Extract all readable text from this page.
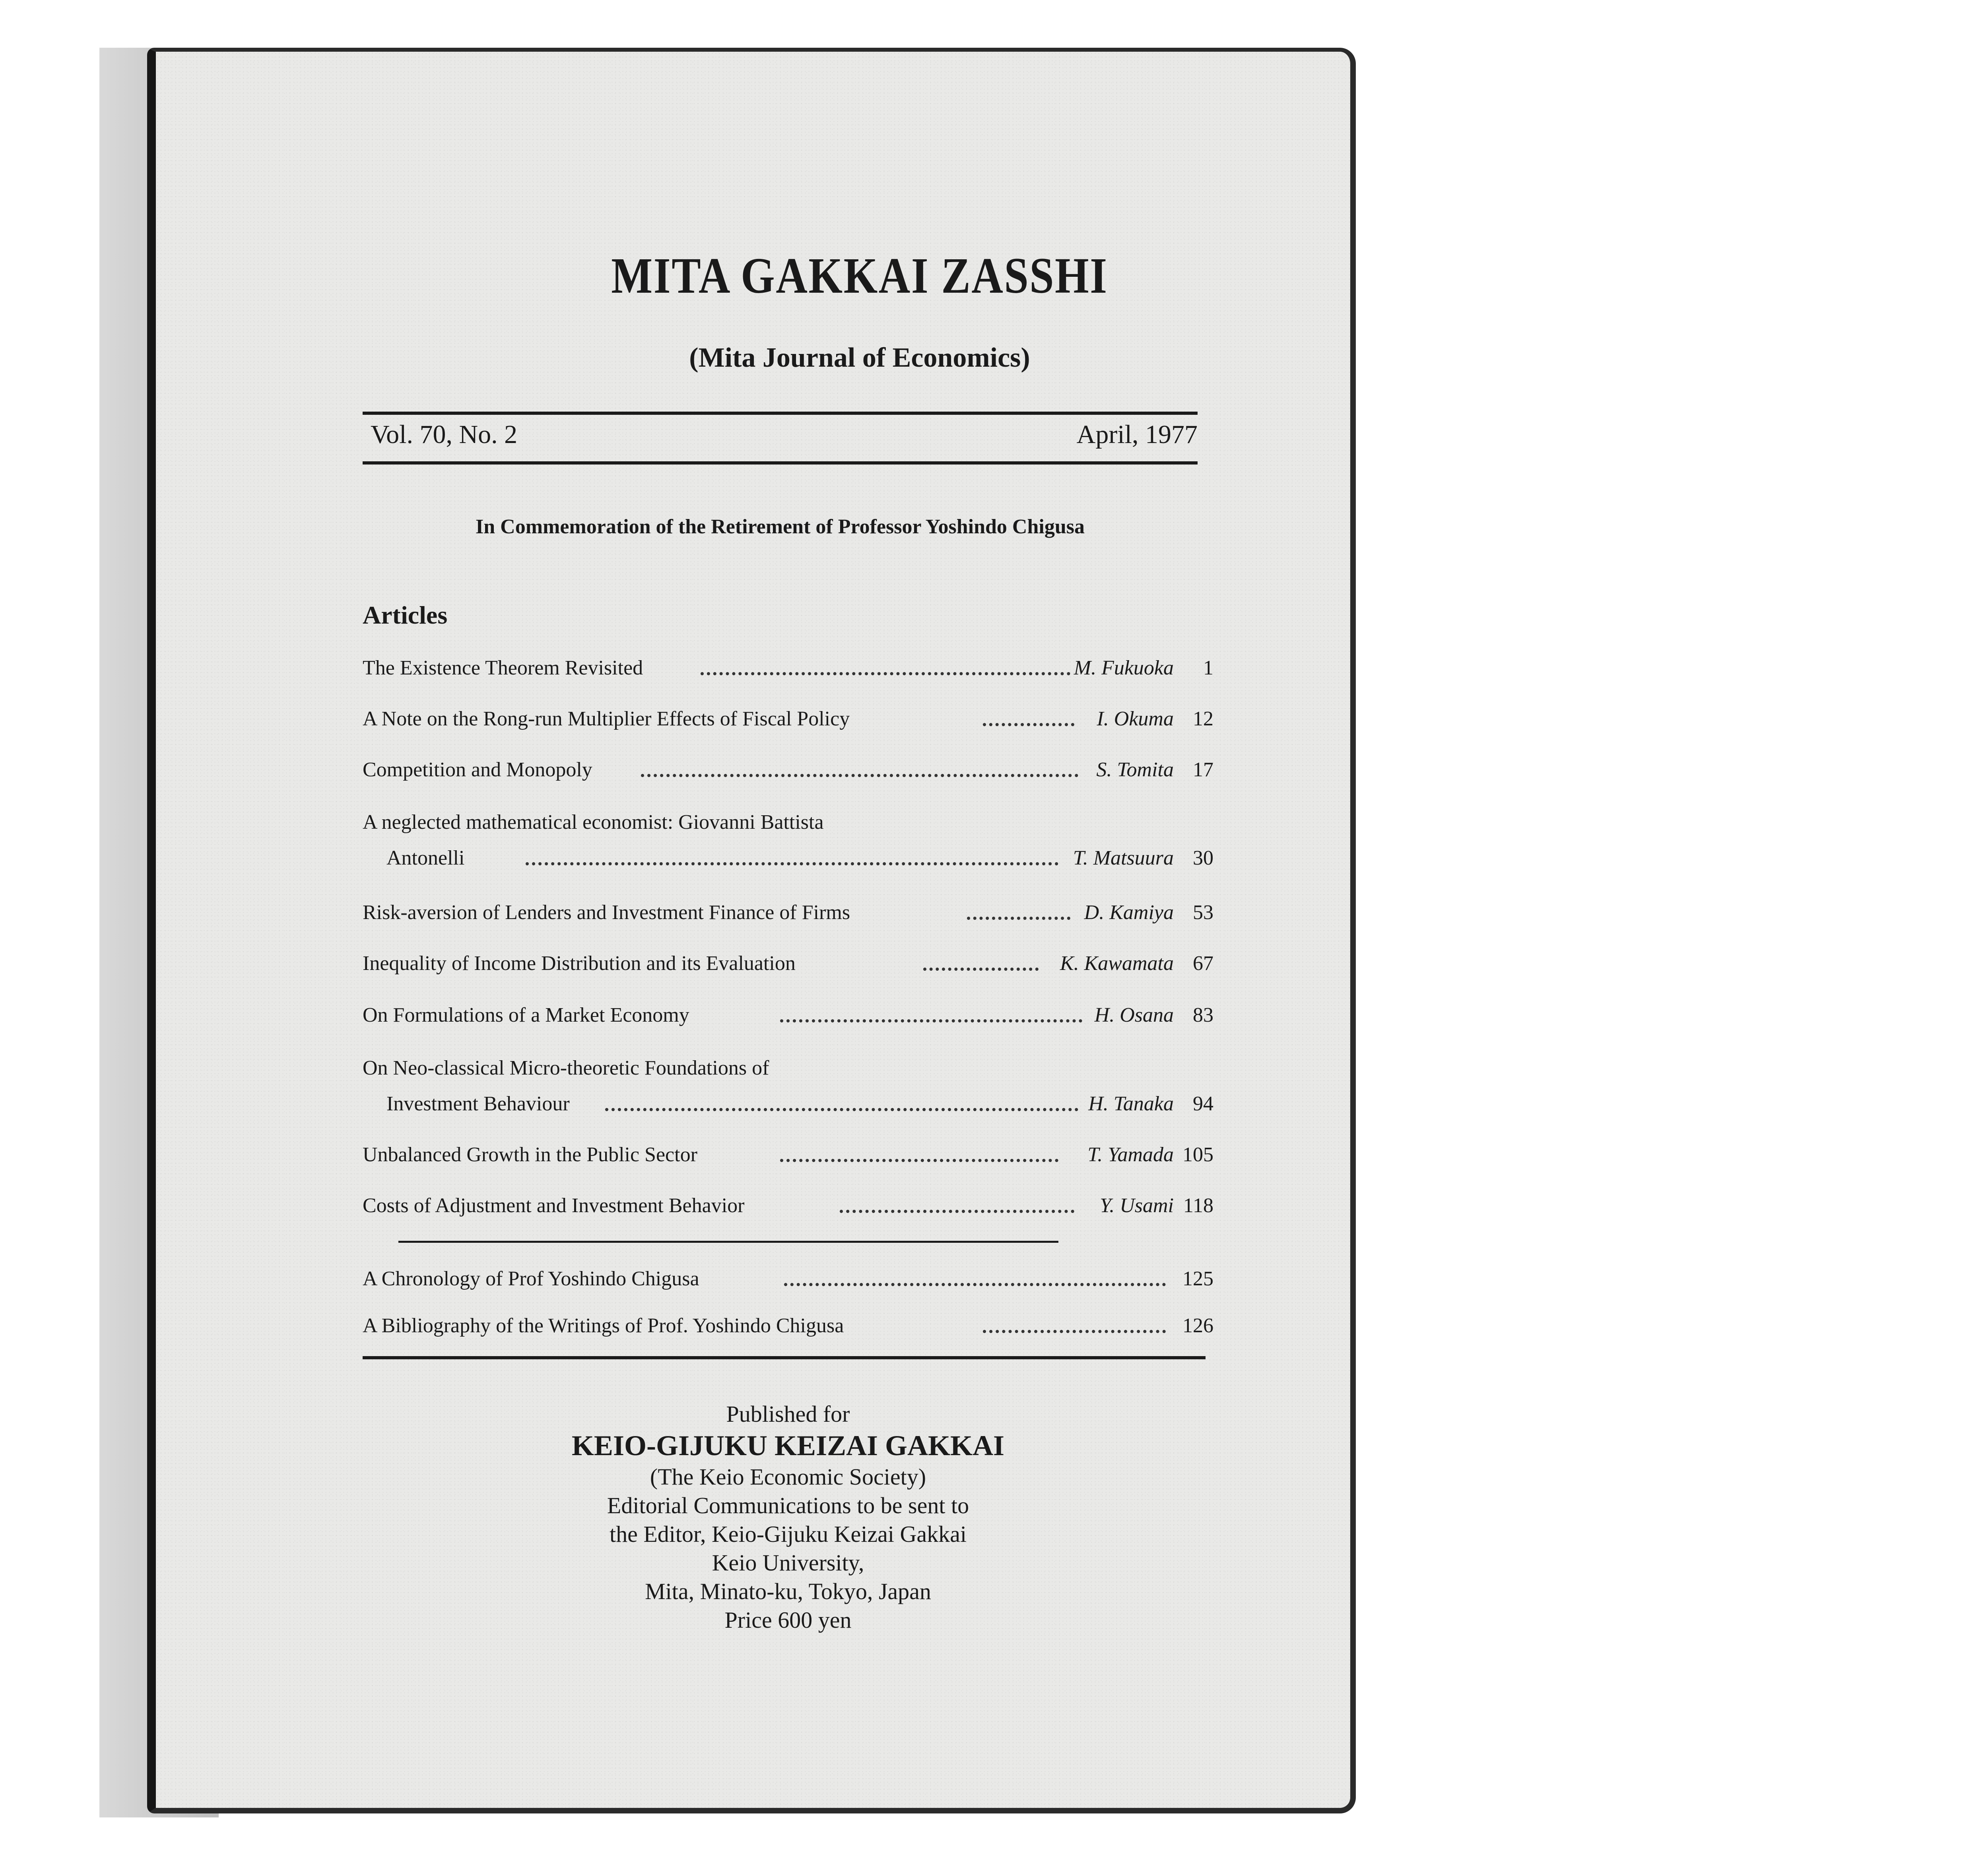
MITA GAKKAI ZASSHI
(Mita Journal of Economics)
Vol. 70, No. 2	April, 1977
In Commemoration of the Retirement of Professor Yoshindo Chigusa
Articles
The Existence Theorem Revisited	M. Fukuoka	1
A Note on the Rong-run Multiplier Effects of Fiscal Policy	I. Okuma 12
Competition and Monopoly	S. Tomita 17
A neglected mathematical economist: Giovanni Battista
Antonelli	T. Matsuura 30
Risk-aversion of Lenders and Investment Finance of Firms	D. Kamiya 53
Inequality of Income Distribution and its Evaluation	K. Kawamata 67
On Formulations of a Market Economy	H. Osana 83
On Neo-classical Micro-theoretic Foundations of
Investment Behaviour	H. Tanaka 94
Unbalanced Growth in the Public Sector	T. Yamada 105
Costs of Adjustment and Investment Behavior	Y. Usami 118
A Chronology of Prof Yoshindo Chigusa	125
A Bibliography of the Writings of Prof. Yoshindo Chigusa	126
Published for
KEIO-GIJUKU KEIZAI GAKKAI
(The Keio Economic Society)
Editorial Communications to be sent to
the Editor, Keio-Gijuku Keizai Gakkai
Keio University,
Mita, Minato-ku, Tokyo, Japan
Price 600 yen
